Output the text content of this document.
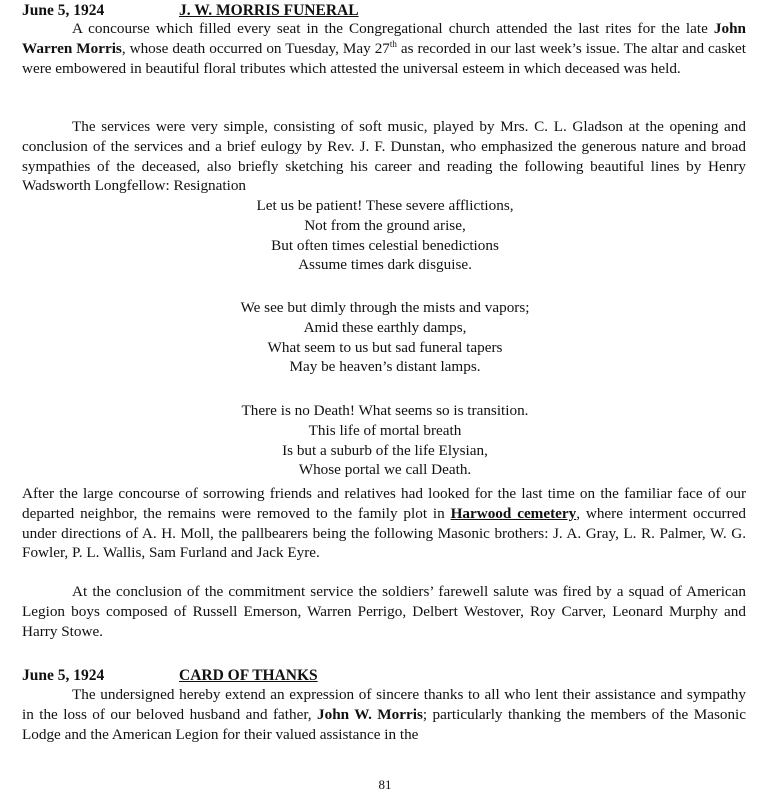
June 5, 1924	J. W. MORRIS FUNERAL

A concourse which filled every seat in the Congregational church attended the last rites for the late John Warren Morris, whose death occurred on Tuesday, May 27th as recorded in our last week’s issue. The altar and casket were embowered in beautiful floral tributes which attested the universal esteem in which deceased was held.

The services were very simple, consisting of soft music, played by Mrs. C. L. Gladson at the opening and conclusion of the services and a brief eulogy by Rev. J. F. Dunstan, who emphasized the generous nature and broad sympathies of the deceased, also briefly sketching his career and reading the following beautiful lines by Henry Wadsworth Longfellow: Resignation

Let us be patient! These severe afflictions,
Not from the ground arise,
But often times celestial benedictions
Assume times dark disguise.
We see but dimly through the mists and vapors;
Amid these earthly damps,
What seem to us but sad funeral tapers
May be heaven’s distant lamps.
There is no Death! What seems so is transition.
This life of mortal breath
Is but a suburb of the life Elysian,
Whose portal we call Death.

After the large concourse of sorrowing friends and relatives had looked for the last time on the familiar face of our departed neighbor, the remains were removed to the family plot in Harwood cemetery, where interment occurred under directions of A. H. Moll, the pallbearers being the following Masonic brothers: J. A. Gray, L. R. Palmer, W. G. Fowler, P. L. Wallis, Sam Furland and Jack Eyre.

At the conclusion of the commitment service the soldiers’ farewell salute was fired by a squad of American Legion boys composed of Russell Emerson, Warren Perrigo, Delbert Westover, Roy Carver, Leonard Murphy and Harry Stowe.

June 5, 1924	CARD OF THANKS

The undersigned hereby extend an expression of sincere thanks to all who lent their assistance and sympathy in the loss of our beloved husband and father, John W. Morris; particularly thanking the members of the Masonic Lodge and the American Legion for their valued assistance in the

81
